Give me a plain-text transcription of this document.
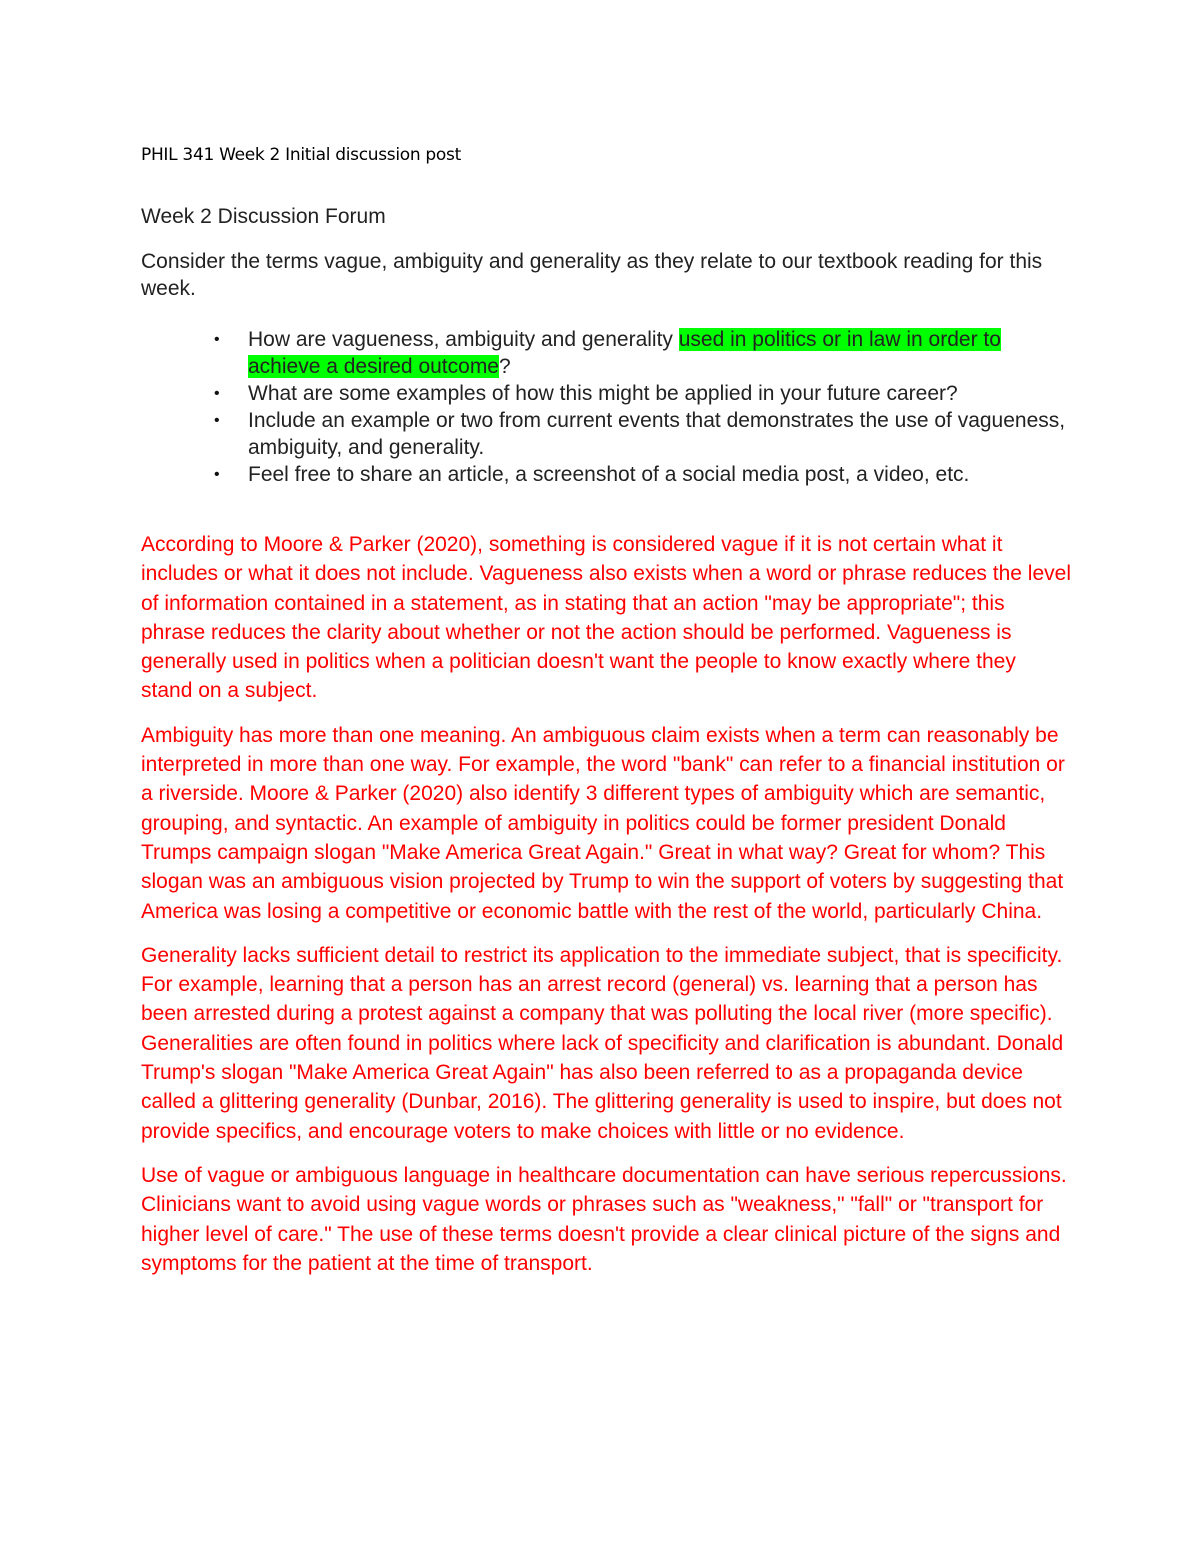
PHIL 341 Week 2 Initial discussion post

Week 2 Discussion Forum

Consider the terms vague, ambiguity and generality as they relate to our textbook reading for this week.

• How are vagueness, ambiguity and generality used in politics or in law in order to achieve a desired outcome?
• What are some examples of how this might be applied in your future career?
• Include an example or two from current events that demonstrates the use of vagueness, ambiguity, and generality.
• Feel free to share an article, a screenshot of a social media post, a video, etc.

According to Moore & Parker (2020), something is considered vague if it is not certain what it includes or what it does not include. Vagueness also exists when a word or phrase reduces the level of information contained in a statement, as in stating that an action "may be appropriate"; this phrase reduces the clarity about whether or not the action should be performed. Vagueness is generally used in politics when a politician doesn't want the people to know exactly where they stand on a subject.

Ambiguity has more than one meaning. An ambiguous claim exists when a term can reasonably be interpreted in more than one way. For example, the word "bank" can refer to a financial institution or a riverside. Moore & Parker (2020) also identify 3 different types of ambiguity which are semantic, grouping, and syntactic. An example of ambiguity in politics could be former president Donald Trumps campaign slogan "Make America Great Again." Great in what way? Great for whom? This slogan was an ambiguous vision projected by Trump to win the support of voters by suggesting that America was losing a competitive or economic battle with the rest of the world, particularly China.

Generality lacks sufficient detail to restrict its application to the immediate subject, that is specificity. For example, learning that a person has an arrest record (general) vs. learning that a person has been arrested during a protest against a company that was polluting the local river (more specific). Generalities are often found in politics where lack of specificity and clarification is abundant. Donald Trump's slogan "Make America Great Again" has also been referred to as a propaganda device called a glittering generality (Dunbar, 2016). The glittering generality is used to inspire, but does not provide specifics, and encourage voters to make choices with little or no evidence.

Use of vague or ambiguous language in healthcare documentation can have serious repercussions. Clinicians want to avoid using vague words or phrases such as "weakness," "fall" or "transport for higher level of care." The use of these terms doesn't provide a clear clinical picture of the signs and symptoms for the patient at the time of transport.
